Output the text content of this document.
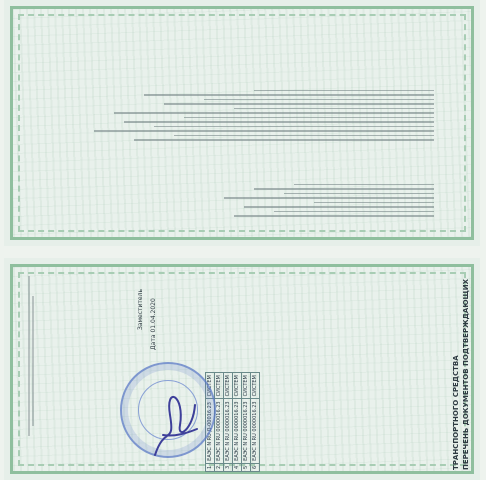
ПЕРЕЧЕНЬ ДОКУМЕНТОВ ПОДТВЕРЖДАЮЩИХ
ТРАНСПОРТНОГО СРЕДСТВА
1	ЕАЭС N RU Д-00016.23	СИСТЕМ
2	ЕАЭС N RU 0000016.23	СИСТЕМ
3	ЕАЭС N RU 0000016.23	СИСТЕМ
4	ЕАЭС N RU 0000016.23	СИСТЕМ
5	ЕАЭС N RU 0000016.23	СИСТЕМ
6	ЕАЭС N RU 0000016.23	СИСТЕМ
Дата 01.04.2020
Заместитель
